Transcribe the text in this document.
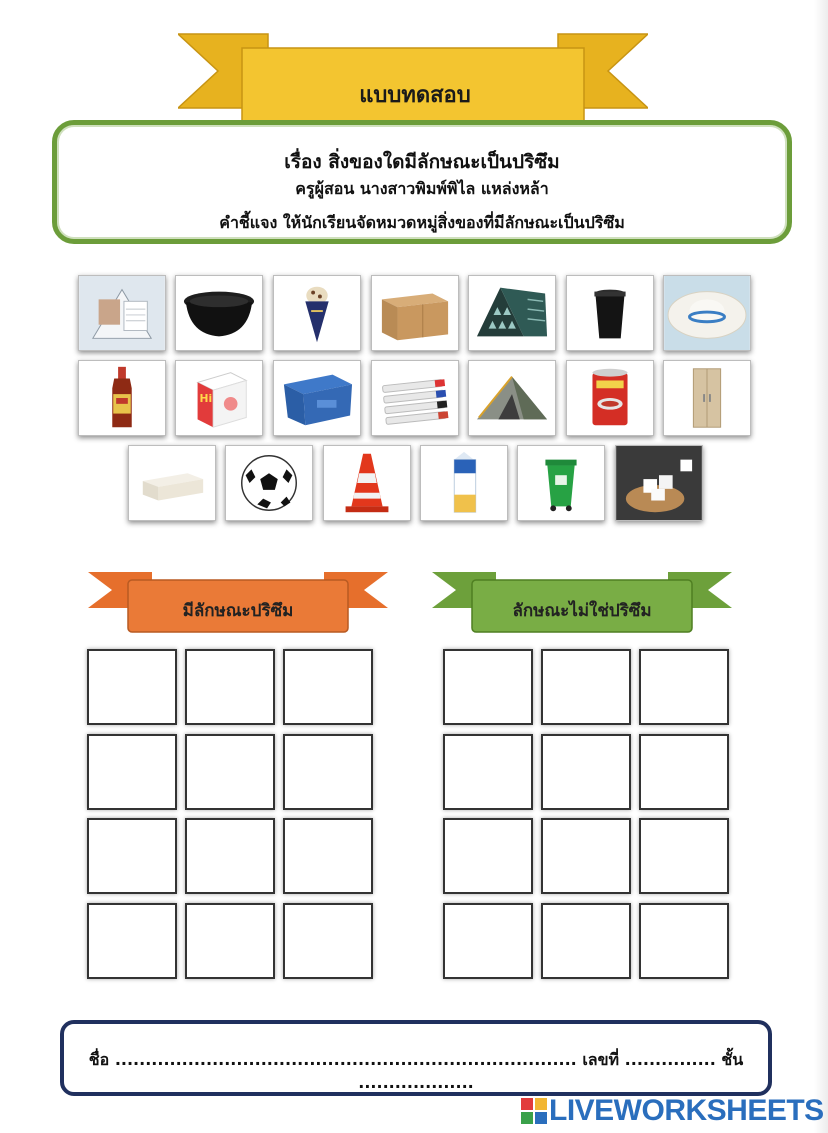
แบบทดสอบ
เรื่อง สิ่งของใดมีลักษณะเป็นปริซึม
ครูผู้สอน นางสาวพิมพ์พิไล แหล่งหล้า
คำชี้แจง ให้นักเรียนจัดหมวดหมู่สิ่งของที่มีลักษณะเป็นปริซึม
Hi
มีลักษณะปริซึม	ลักษณะไม่ใช่ปริซึม
ชื่อ ............................................................................ เลขที่ ............... ชั้น ...................
LIVEWORKSHEETS
